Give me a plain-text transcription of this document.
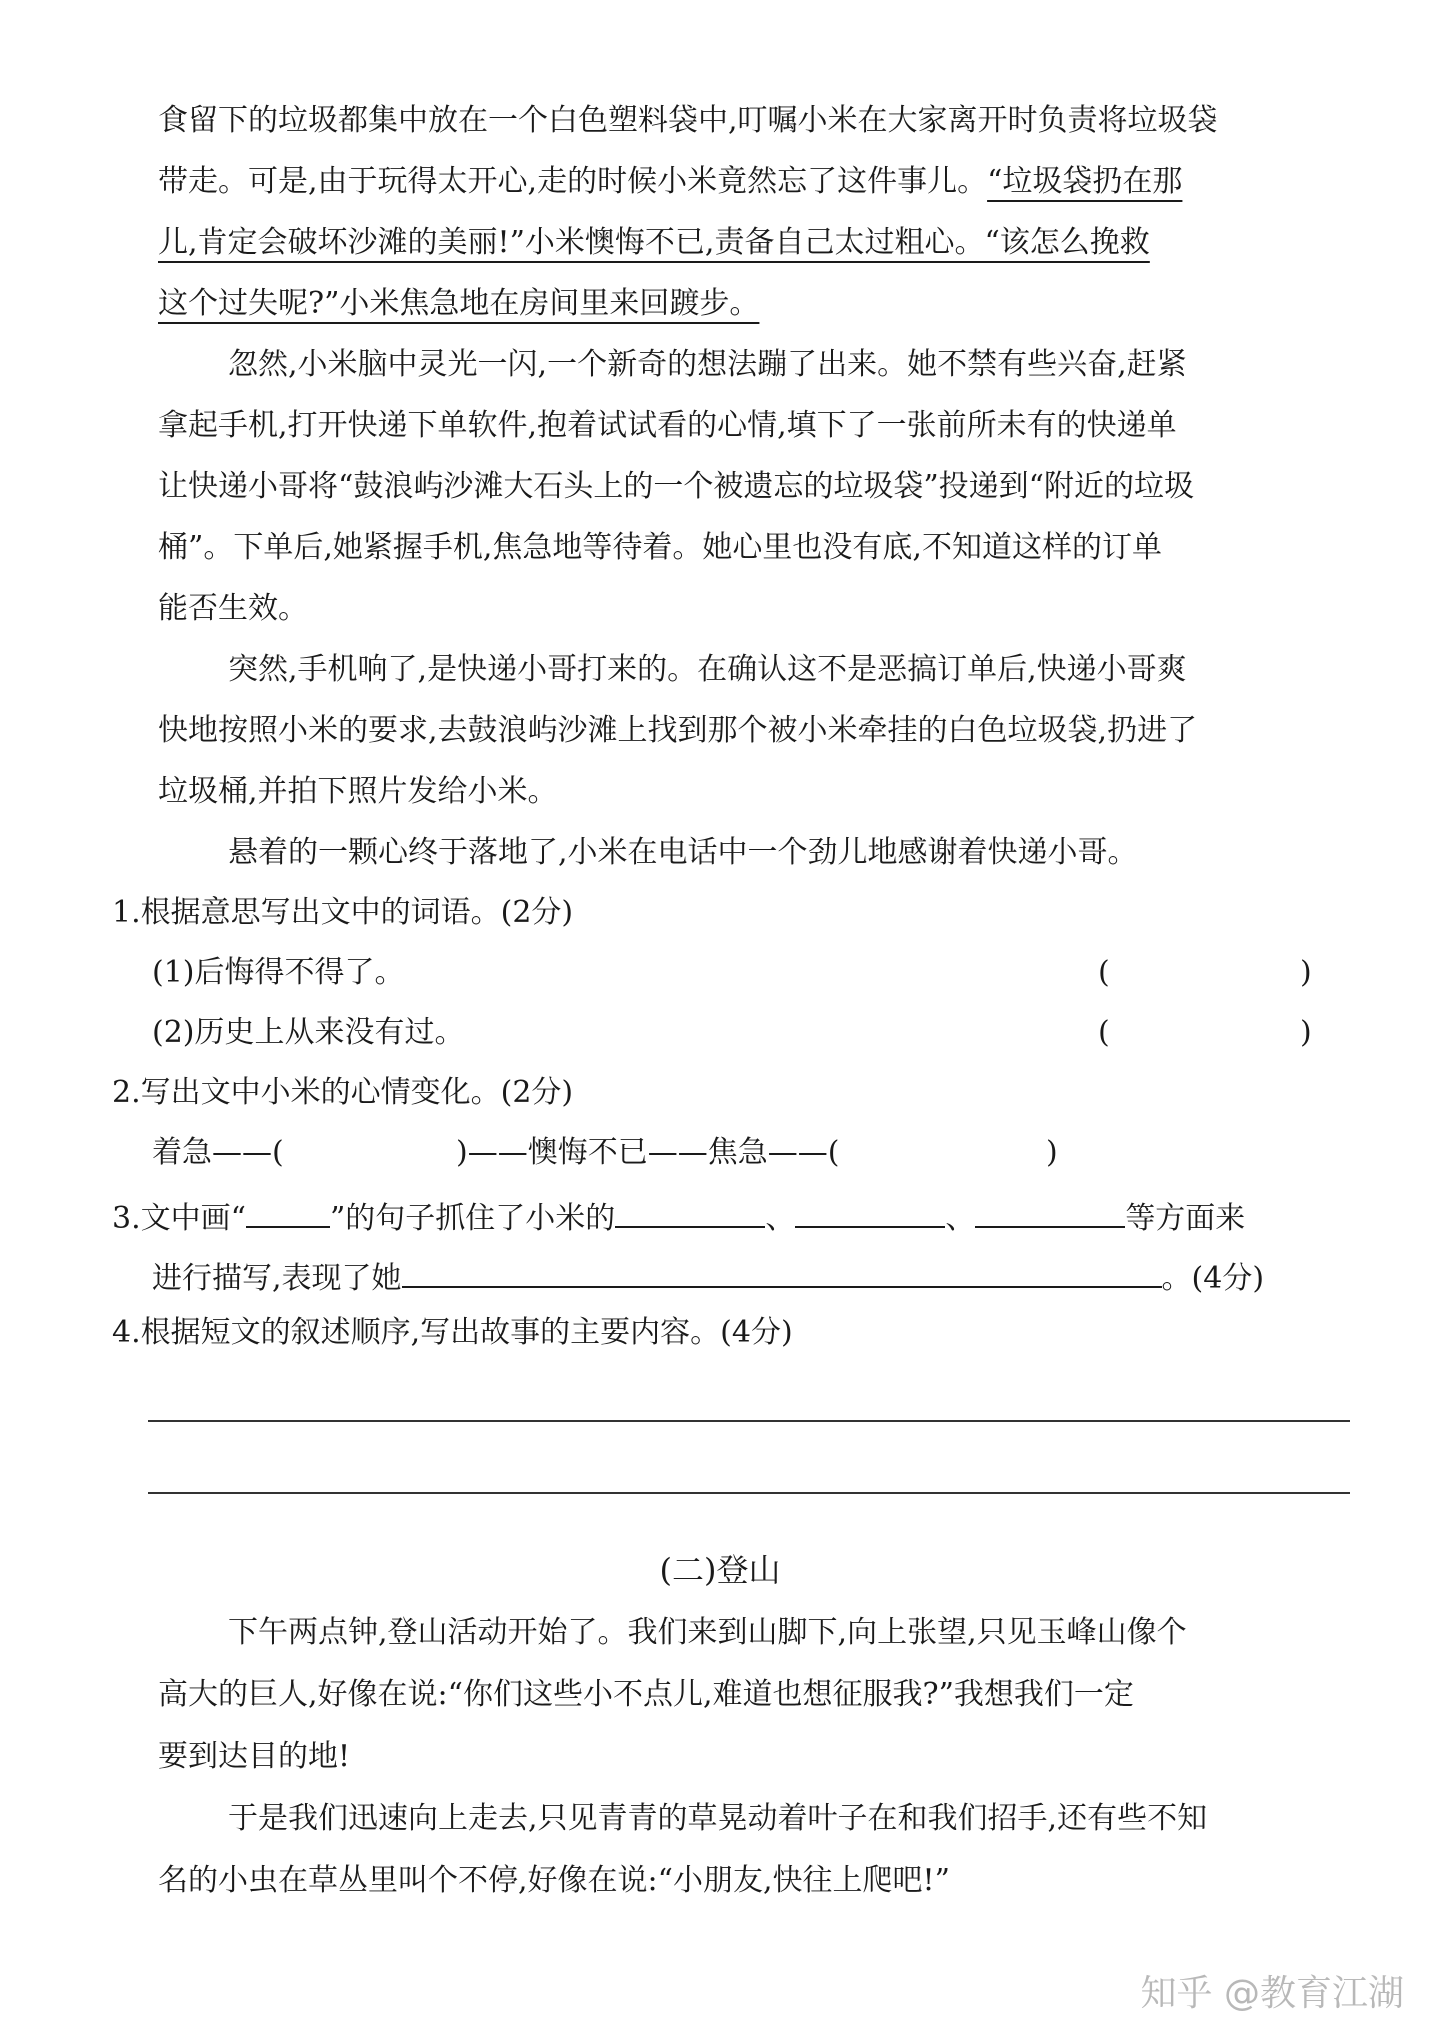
食留下的垃圾都集中放在一个白色塑料袋中,叮嘱小米在大家离开时负责将垃圾袋
带走。可是,由于玩得太开心,走的时候小米竟然忘了这件事儿。“垃圾袋扔在那
儿,肯定会破坏沙滩的美丽!”小米懊悔不已,责备自己太过粗心。“该怎么挽救
这个过失呢?”小米焦急地在房间里来回踱步。
忽然,小米脑中灵光一闪,一个新奇的想法蹦了出来。她不禁有些兴奋,赶紧
拿起手机,打开快递下单软件,抱着试试看的心情,填下了一张前所未有的快递单
让快递小哥将“鼓浪屿沙滩大石头上的一个被遗忘的垃圾袋”投递到“附近的垃圾
桶”。下单后,她紧握手机,焦急地等待着。她心里也没有底,不知道这样的订单
能否生效。
突然,手机响了,是快递小哥打来的。在确认这不是恶搞订单后,快递小哥爽
快地按照小米的要求,去鼓浪屿沙滩上找到那个被小米牵挂的白色垃圾袋,扔进了
垃圾桶,并拍下照片发给小米。
悬着的一颗心终于落地了,小米在电话中一个劲儿地感谢着快递小哥。
1.根据意思写出文中的词语。(2分)
(1)后悔得不得了。	(	)
(2)历史上从来没有过。	(	)
2.写出文中小米的心情变化。(2分)
着急——(	)——懊悔不已——焦急——(	)
3.文中画“	”的句子抓住了小米的	、	、	等方面来
进行描写,表现了她	。(4分)
4.根据短文的叙述顺序,写出故事的主要内容。(4分)
(二)登山
下午两点钟,登山活动开始了。我们来到山脚下,向上张望,只见玉峰山像个
高大的巨人,好像在说:“你们这些小不点儿,难道也想征服我?”我想我们一定
要到达目的地!
于是我们迅速向上走去,只见青青的草晃动着叶子在和我们招手,还有些不知
名的小虫在草丛里叫个不停,好像在说:“小朋友,快往上爬吧!”
知乎 @教育江湖
